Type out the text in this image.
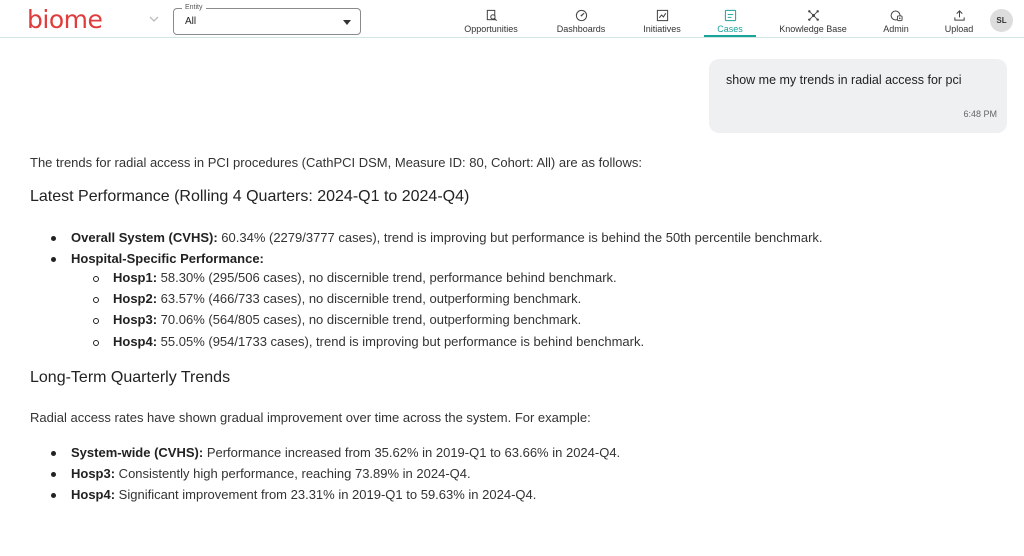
biome	Entity
All
Opportunities	Dashboards	Initiatives	Cases	Knowledge Base	Admin	Upload
SL
show me my trends in radial access for pci
6:48 PM
The trends for radial access in PCI procedures (CathPCI DSM, Measure ID: 80, Cohort: All) are as follows:
Latest Performance (Rolling 4 Quarters: 2024-Q1 to 2024-Q4)
Overall System (CVHS): 60.34% (2279/3777 cases), trend is improving but performance is behind the 50th percentile benchmark.
Hospital-Specific Performance:
Hosp1: 58.30% (295/506 cases), no discernible trend, performance behind benchmark.
Hosp2: 63.57% (466/733 cases), no discernible trend, outperforming benchmark.
Hosp3: 70.06% (564/805 cases), no discernible trend, outperforming benchmark.
Hosp4: 55.05% (954/1733 cases), trend is improving but performance is behind benchmark.
Long-Term Quarterly Trends
Radial access rates have shown gradual improvement over time across the system. For example:
System-wide (CVHS): Performance increased from 35.62% in 2019-Q1 to 63.66% in 2024-Q4.
Hosp3: Consistently high performance, reaching 73.89% in 2024-Q4.
Hosp4: Significant improvement from 23.31% in 2019-Q1 to 59.63% in 2024-Q4.
